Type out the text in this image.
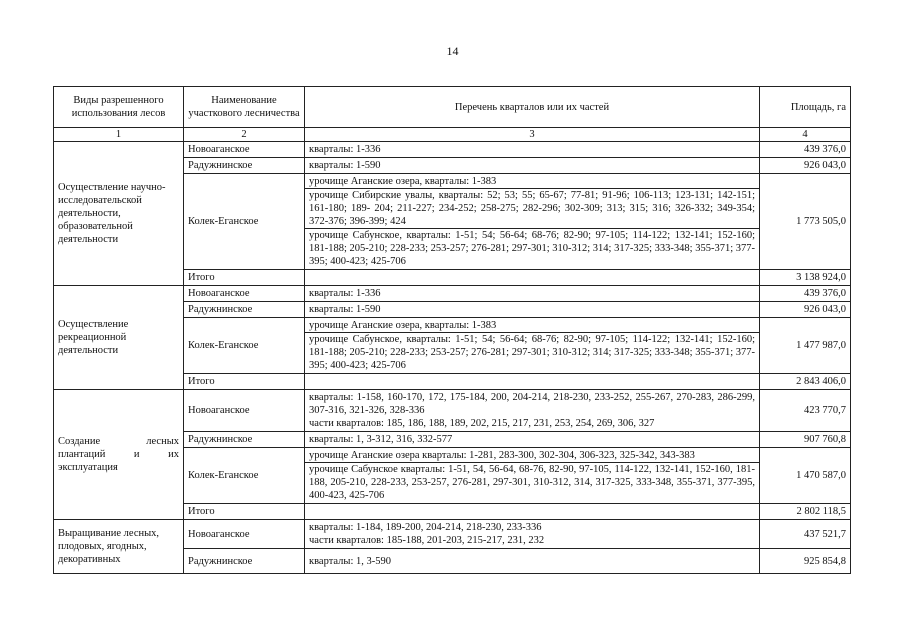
14
Виды разрешенного использования лесов	Наименование участкового лесничества	Перечень кварталов или их частей	Площадь, га
1	2	3	4
Осуществление научно-исследовательской деятельности, образовательной деятельности	Новоаганское	кварталы: 1-336	439 376,0
	Радужнинское	кварталы: 1-590	926 043,0
	Колек-Еганское	урочище Аганские озера, кварталы: 1-383
урочище Сибирские увалы, кварталы: 52; 53; 55; 65-67; 77-81; 91-96; 106-113; 123-131; 142-151; 161-180; 189- 204; 211-227; 234-252; 258-275; 282-296; 302-309; 313; 315; 316; 326-332; 349-354; 372-376; 396-399; 424
урочище Сабунское, кварталы: 1-51; 54; 56-64; 68-76; 82-90; 97-105; 114-122; 132-141; 152-160; 181-188; 205-210; 228-233; 253-257; 276-281; 297-301; 310-312; 314; 317-325; 333-348; 355-371; 377-395; 400-423; 425-706	1 773 505,0
	Итого		3 138 924,0
Осуществление рекреационной деятельности	Новоаганское	кварталы: 1-336	439 376,0
	Радужнинское	кварталы: 1-590	926 043,0
	Колек-Еганское	урочище Аганские озера, кварталы: 1-383
урочище Сабунское, кварталы: 1-51; 54; 56-64; 68-76; 82-90; 97-105; 114-122; 132-141; 152-160; 181-188; 205-210; 228-233; 253-257; 276-281; 297-301; 310-312; 314; 317-325; 333-348; 355-371; 377-395; 400-423; 425-706	1 477 987,0
	Итого		2 843 406,0
Создание лесных плантаций и их эксплуатация	Новоаганское	кварталы: 1-158, 160-170, 172, 175-184, 200, 204-214, 218-230, 233-252, 255-267, 270-283, 286-299, 307-316, 321-326, 328-336
части кварталов: 185, 186, 188, 189, 202, 215, 217, 231, 253, 254, 269, 306, 327	423 770,7
	Радужнинское	кварталы: 1, 3-312, 316, 332-577	907 760,8
	Колек-Еганское	урочище Аганские озера кварталы: 1-281, 283-300, 302-304, 306-323, 325-342, 343-383
урочище Сабунское кварталы: 1-51, 54, 56-64, 68-76, 82-90, 97-105, 114-122, 132-141, 152-160, 181-188, 205-210, 228-233, 253-257, 276-281, 297-301, 310-312, 314, 317-325, 333-348, 355-371, 377-395, 400-423, 425-706	1 470 587,0
	Итого		2 802 118,5
Выращивание лесных, плодовых, ягодных, декоративных	Новоаганское	кварталы: 1-184, 189-200, 204-214, 218-230, 233-336
части кварталов: 185-188, 201-203, 215-217, 231, 232	437 521,7
	Радужнинское	кварталы: 1, 3-590	925 854,8
